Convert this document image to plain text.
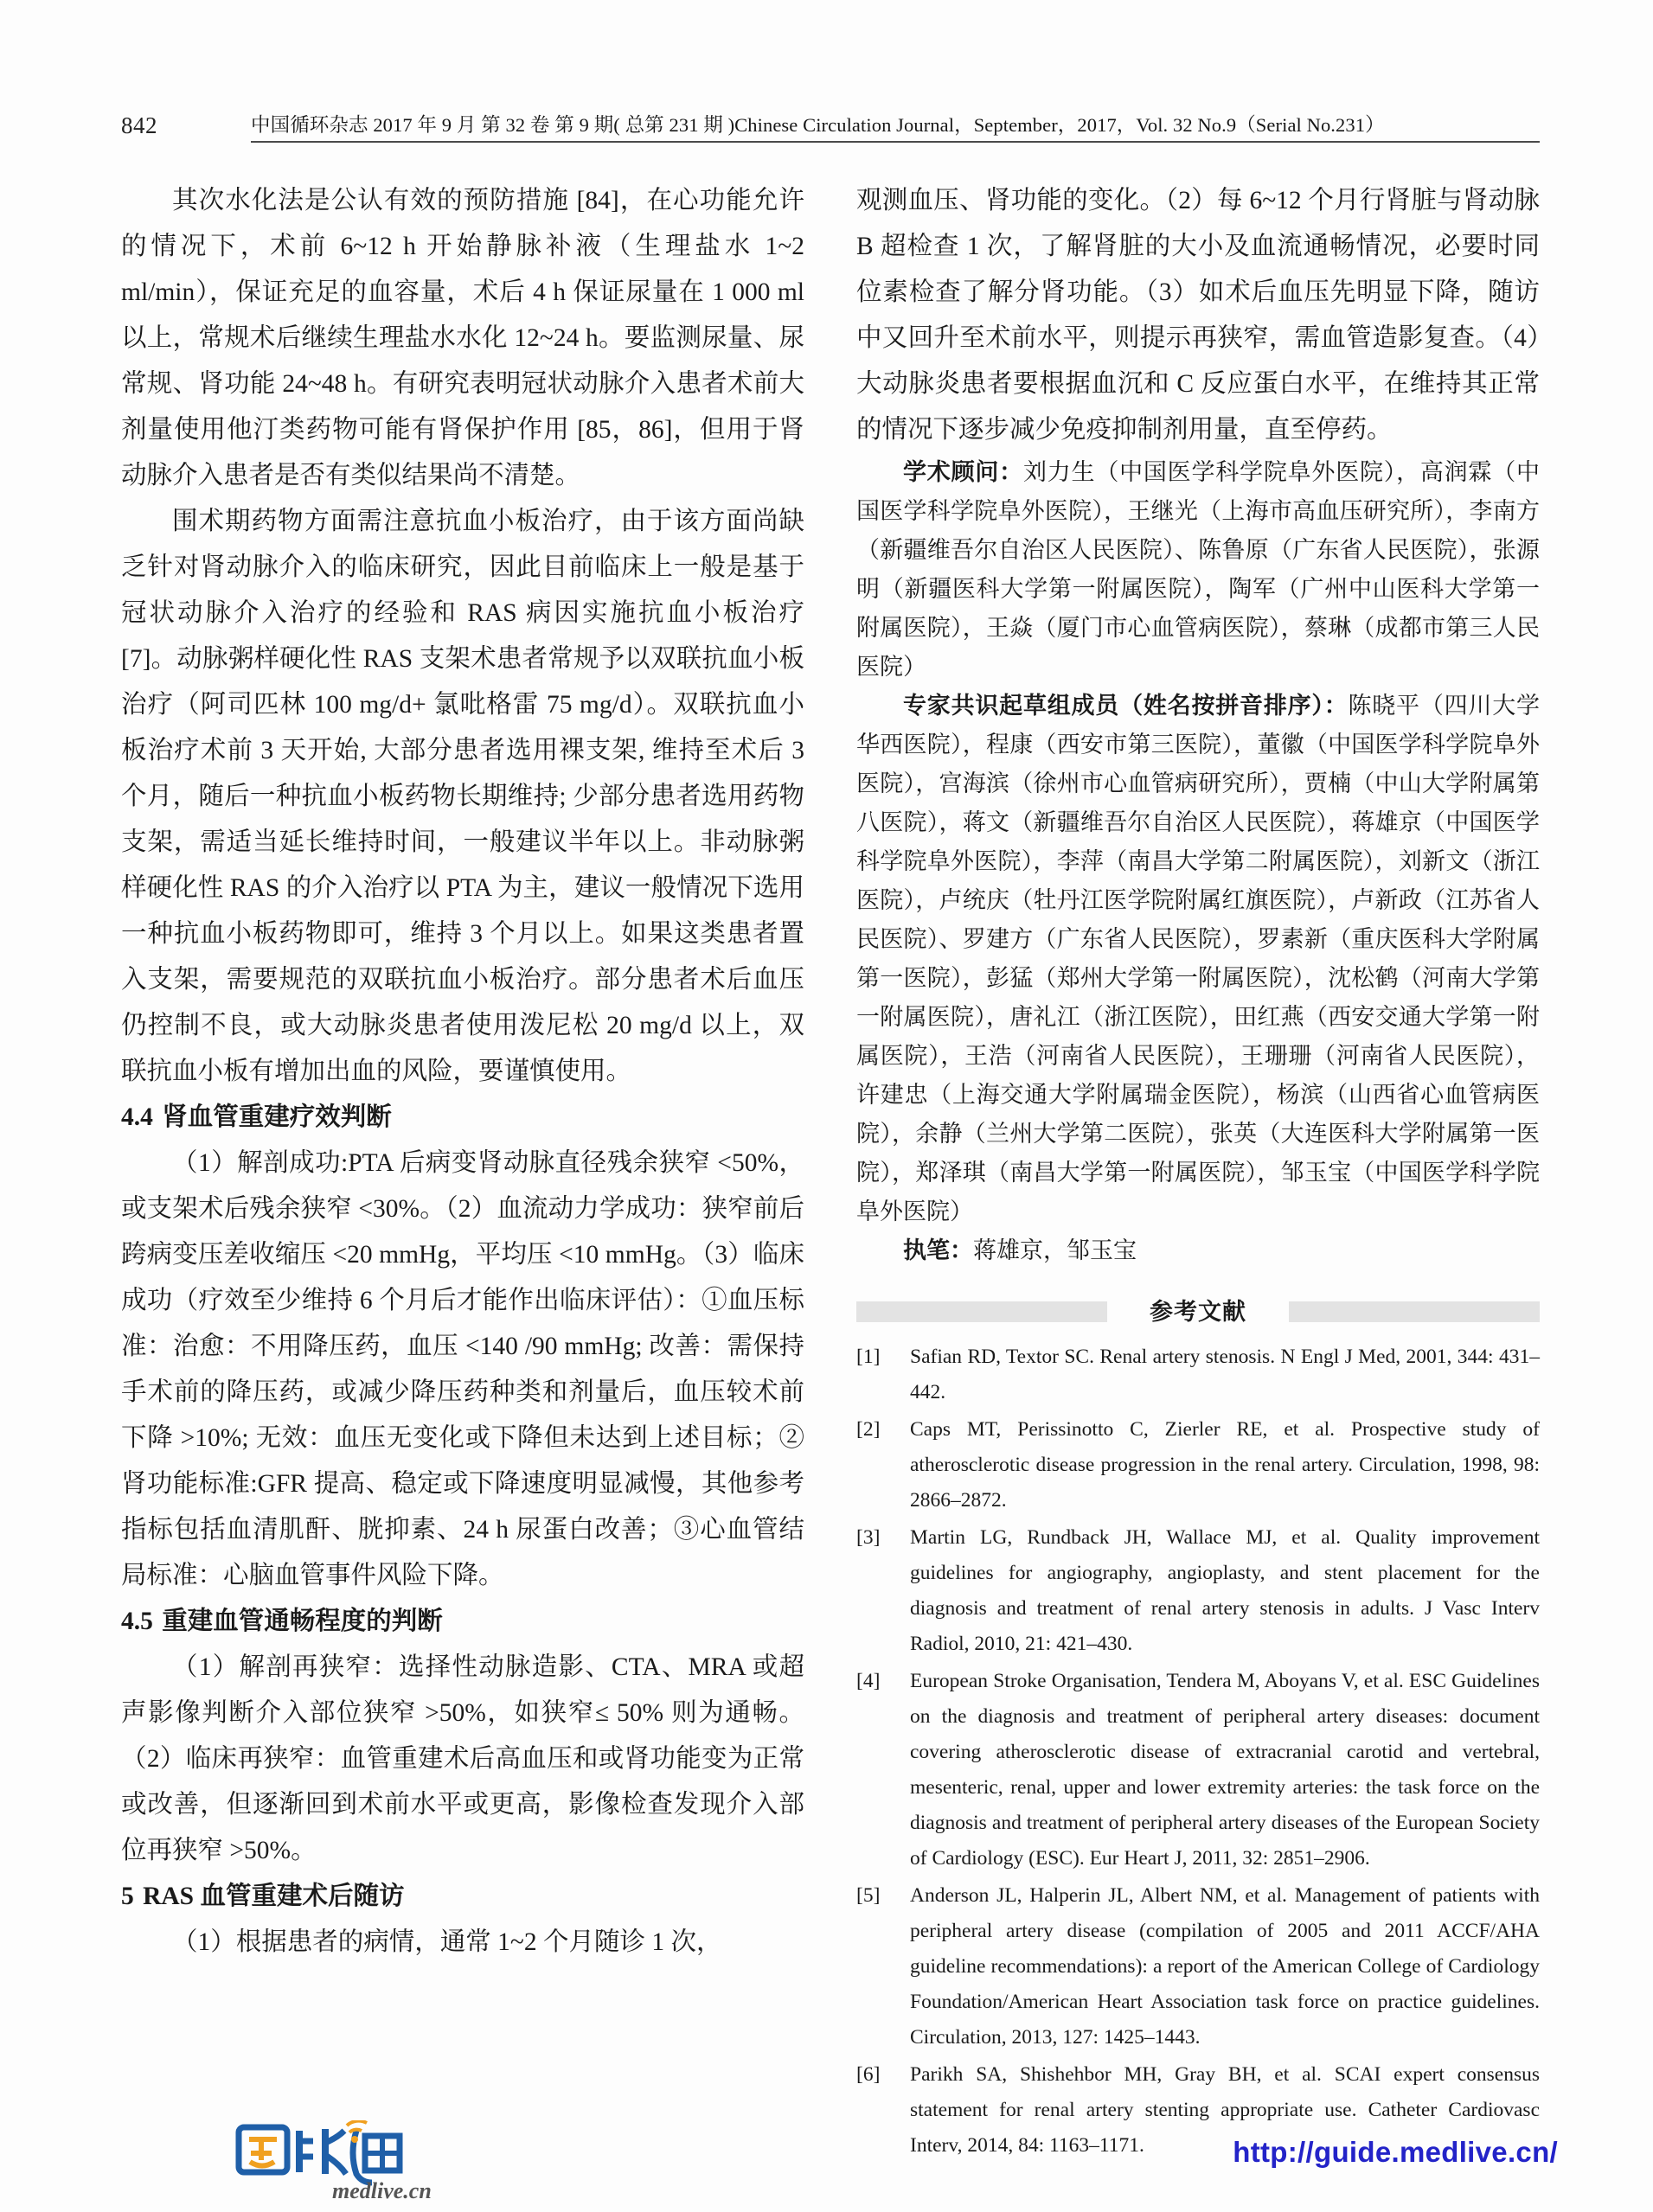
842	中国循环杂志 2017 年 9 月 第 32 卷 第 9 期( 总第 231 期 )Chinese Circulation Journal，September，2017，Vol. 32 No.9（Serial No.231）

其次水化法是公认有效的预防措施 [84]，在心功能允许的情况下，术前 6~12 h 开始静脉补液（生理盐水 1~2 ml/min），保证充足的血容量，术后 4 h 保证尿量在 1 000 ml 以上，常规术后继续生理盐水水化 12~24 h。要监测尿量、尿常规、肾功能 24~48 h。有研究表明冠状动脉介入患者术前大剂量使用他汀类药物可能有肾保护作用 [85，86]，但用于肾动脉介入患者是否有类似结果尚不清楚。

围术期药物方面需注意抗血小板治疗，由于该方面尚缺乏针对肾动脉介入的临床研究，因此目前临床上一般是基于冠状动脉介入治疗的经验和 RAS 病因实施抗血小板治疗 [7]。动脉粥样硬化性 RAS 支架术患者常规予以双联抗血小板治疗（阿司匹林 100 mg/d+ 氯吡格雷 75 mg/d）。双联抗血小板治疗术前 3 天开始, 大部分患者选用裸支架, 维持至术后 3 个月，随后一种抗血小板药物长期维持; 少部分患者选用药物支架，需适当延长维持时间，一般建议半年以上。非动脉粥样硬化性 RAS 的介入治疗以 PTA 为主，建议一般情况下选用一种抗血小板药物即可，维持 3 个月以上。如果这类患者置入支架，需要规范的双联抗血小板治疗。部分患者术后血压仍控制不良，或大动脉炎患者使用泼尼松 20 mg/d 以上，双联抗血小板有增加出血的风险，要谨慎使用。

4.4 肾血管重建疗效判断

（1）解剖成功:PTA 后病变肾动脉直径残余狭窄 <50%，或支架术后残余狭窄 <30%。（2）血流动力学成功：狭窄前后跨病变压差收缩压 <20 mmHg，平均压 <10 mmHg。（3）临床成功（疗效至少维持 6 个月后才能作出临床评估）：①血压标准：治愈：不用降压药，血压 <140 /90 mmHg; 改善：需保持手术前的降压药，或减少降压药种类和剂量后，血压较术前下降 >10%; 无效：血压无变化或下降但未达到上述目标；②肾功能标准:GFR 提高、稳定或下降速度明显减慢，其他参考指标包括血清肌酐、胱抑素、24 h 尿蛋白改善；③心血管结局标准：心脑血管事件风险下降。

4.5 重建血管通畅程度的判断

（1）解剖再狭窄：选择性动脉造影、CTA、MRA 或超声影像判断介入部位狭窄 >50%，如狭窄≤ 50% 则为通畅。（2）临床再狭窄：血管重建术后高血压和或肾功能变为正常或改善，但逐渐回到术前水平或更高，影像检查发现介入部位再狭窄 >50%。

5 RAS 血管重建术后随访

（1）根据患者的病情，通常 1~2 个月随诊 1 次，

观测血压、肾功能的变化。（2）每 6~12 个月行肾脏与肾动脉 B 超检查 1 次，了解肾脏的大小及血流通畅情况，必要时同位素检查了解分肾功能。（3）如术后血压先明显下降，随访中又回升至术前水平，则提示再狭窄，需血管造影复查。（4）大动脉炎患者要根据血沉和 C 反应蛋白水平，在维持其正常的情况下逐步减少免疫抑制剂用量，直至停药。

学术顾问：刘力生（中国医学科学院阜外医院），高润霖（中国医学科学院阜外医院），王继光（上海市高血压研究所），李南方（新疆维吾尔自治区人民医院）、陈鲁原（广东省人民医院），张源明（新疆医科大学第一附属医院），陶军（广州中山医科大学第一附属医院），王焱（厦门市心血管病医院），蔡琳（成都市第三人民医院）

专家共识起草组成员（姓名按拼音排序）：陈晓平（四川大学华西医院），程康（西安市第三医院），董徽（中国医学科学院阜外医院），宫海滨（徐州市心血管病研究所），贾楠（中山大学附属第八医院），蒋文（新疆维吾尔自治区人民医院），蒋雄京（中国医学科学院阜外医院），李萍（南昌大学第二附属医院），刘新文（浙江医院），卢统庆（牡丹江医学院附属红旗医院），卢新政（江苏省人民医院）、罗建方（广东省人民医院），罗素新（重庆医科大学附属第一医院），彭猛（郑州大学第一附属医院），沈松鹤（河南大学第一附属医院），唐礼江（浙江医院），田红燕（西安交通大学第一附属医院），王浩（河南省人民医院），王珊珊（河南省人民医院），许建忠（上海交通大学附属瑞金医院），杨滨（山西省心血管病医院），余静（兰州大学第二医院），张英（大连医科大学附属第一医院），郑泽琪（南昌大学第一附属医院），邹玉宝（中国医学科学院阜外医院）

执笔：蒋雄京，邹玉宝

参考文献
[1]	Safian RD, Textor SC. Renal artery stenosis. N Engl J Med, 2001, 344: 431–442.
[2]	Caps MT, Perissinotto C, Zierler RE, et al. Prospective study of atherosclerotic disease progression in the renal artery. Circulation, 1998, 98: 2866–2872.
[3]	Martin LG, Rundback JH, Wallace MJ, et al. Quality improvement guidelines for angiography, angioplasty, and stent placement for the diagnosis and treatment of renal artery stenosis in adults. J Vasc Interv Radiol, 2010, 21: 421–430.
[4]	European Stroke Organisation, Tendera M, Aboyans V, et al. ESC Guidelines on the diagnosis and treatment of peripheral artery diseases: document covering atherosclerotic disease of extracranial carotid and vertebral, mesenteric, renal, upper and lower extremity arteries: the task force on the diagnosis and treatment of peripheral artery diseases of the European Society of Cardiology (ESC). Eur Heart J, 2011, 32: 2851–2906.
[5]	Anderson JL, Halperin JL, Albert NM, et al. Management of patients with peripheral artery disease (compilation of 2005 and 2011 ACCF/AHA guideline recommendations): a report of the American College of Cardiology Foundation/American Heart Association task force on practice guidelines. Circulation, 2013, 127: 1425–1443.
[6]	Parikh SA, Shishehbor MH, Gray BH, et al. SCAI expert consensus statement for renal artery stenting appropriate use. Catheter Cardiovasc Interv, 2014, 84: 1163–1171.
medlive.cn
http://guide.medlive.cn/
